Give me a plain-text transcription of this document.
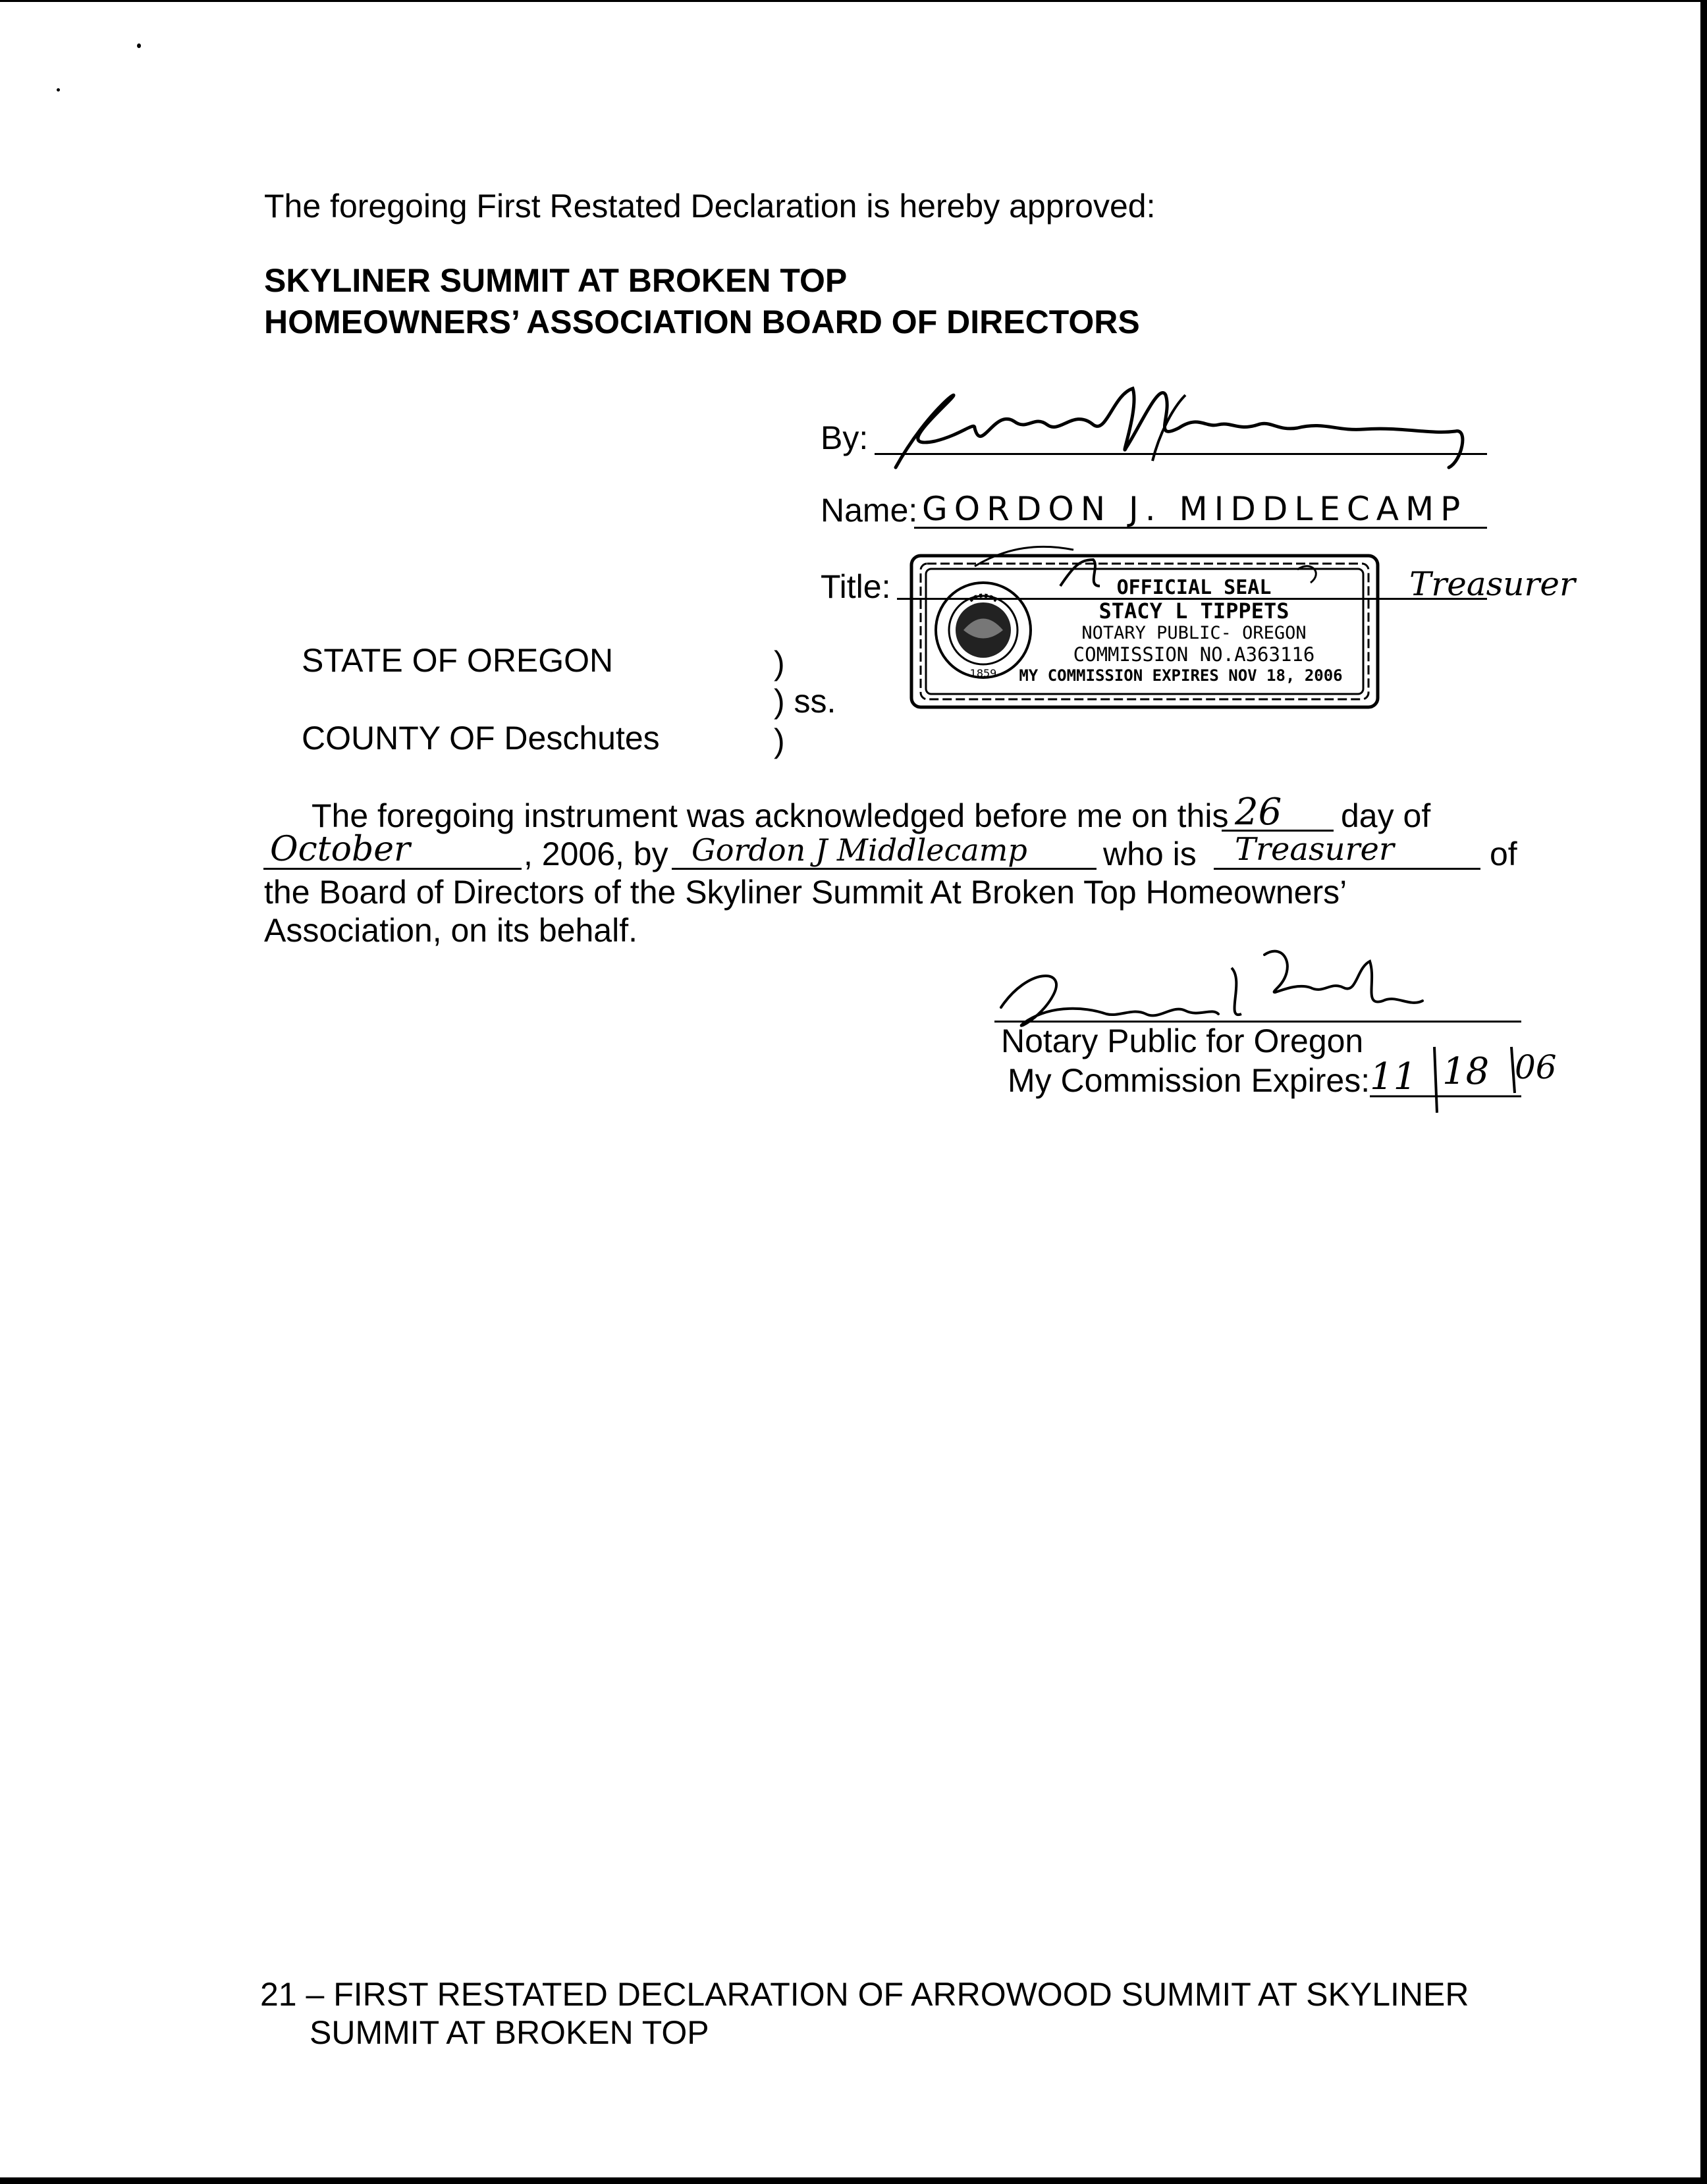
The foregoing First Restated Declaration is hereby approved:
SKYLINER SUMMIT AT BROKEN TOP
HOMEOWNERS’ ASSOCIATION BOARD OF DIRECTORS
By:
Name: GORDON J. MIDDLECAMP
Title:	Treasurer
1859
OFFICIAL SEAL
STACY L TIPPETS
NOTARY PUBLIC- OREGON
COMMISSION NO.A363116
MY COMMISSION EXPIRES NOV 18, 2006
STATE OF OREGON
COUNTY OF Deschutes
)
) ss.
)
The foregoing instrument was acknowledged before me on this 26 day of
October	, 2006, by Gordon J Middlecamp who is Treasurer	of
the Board of Directors of the Skyliner Summit At Broken Top Homeowners’
Association, on its behalf.
Notary Public for Oregon
My Commission Expires: 11 18 06
21 – FIRST RESTATED DECLARATION OF ARROWOOD SUMMIT AT SKYLINER
SUMMIT AT BROKEN TOP
